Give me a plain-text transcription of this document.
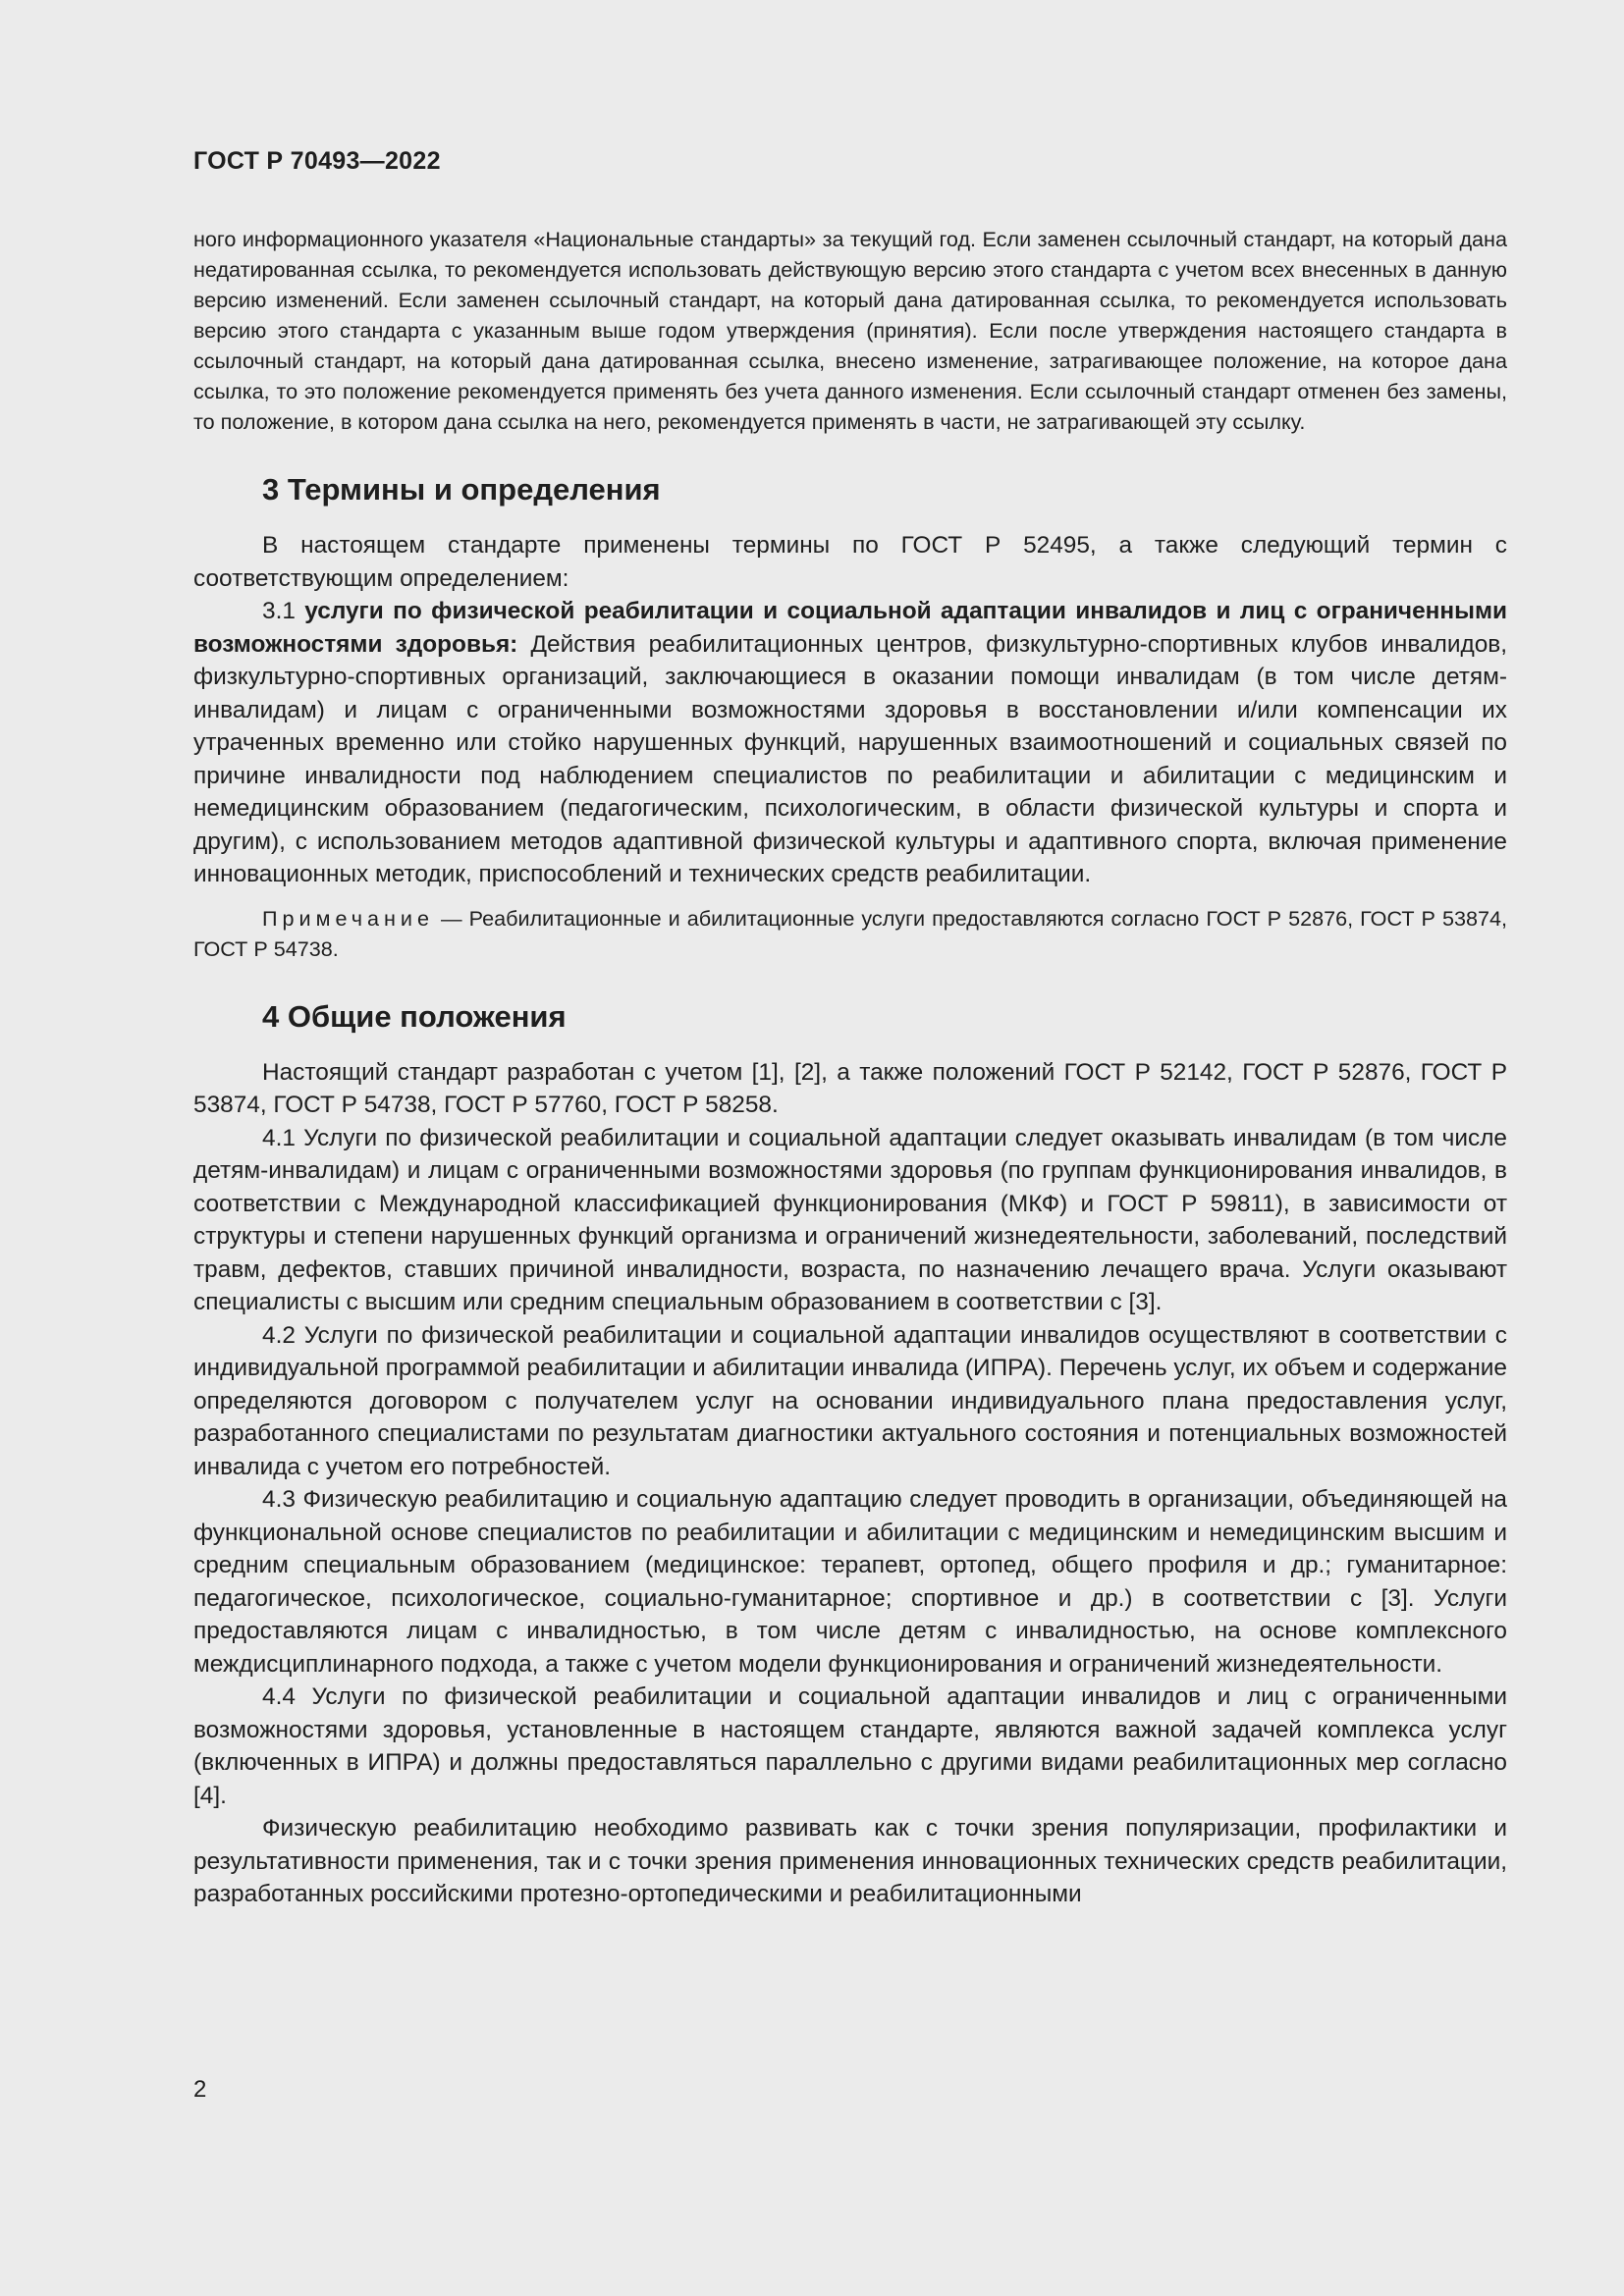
ГОСТ Р 70493—2022

ного информационного указателя «Национальные стандарты» за текущий год. Если заменен ссылочный стандарт, на который дана недатированная ссылка, то рекомендуется использовать действующую версию этого стандарта с учетом всех внесенных в данную версию изменений. Если заменен ссылочный стандарт, на который дана датированная ссылка, то рекомендуется использовать версию этого стандарта с указанным выше годом утверждения (принятия). Если после утверждения настоящего стандарта в ссылочный стандарт, на который дана датированная ссылка, внесено изменение, затрагивающее положение, на которое дана ссылка, то это положение рекомендуется применять без учета данного изменения. Если ссылочный стандарт отменен без замены, то положение, в котором дана ссылка на него, рекомендуется применять в части, не затрагивающей эту ссылку.

3 Термины и определения

В настоящем стандарте применены термины по ГОСТ Р 52495, а также следующий термин с соответствующим определением:

3.1 услуги по физической реабилитации и социальной адаптации инвалидов и лиц с ограниченными возможностями здоровья: Действия реабилитационных центров, физкультурно-спортивных клубов инвалидов, физкультурно-спортивных организаций, заключающиеся в оказании помощи инвалидам (в том числе детям-инвалидам) и лицам с ограниченными возможностями здоровья в восстановлении и/или компенсации их утраченных временно или стойко нарушенных функций, нарушенных взаимоотношений и социальных связей по причине инвалидности под наблюдением специалистов по реабилитации и абилитации с медицинским и немедицинским образованием (педагогическим, психологическим, в области физической культуры и спорта и другим), с использованием методов адаптивной физической культуры и адаптивного спорта, включая применение инновационных методик, приспособлений и технических средств реабилитации.

Примечание — Реабилитационные и абилитационные услуги предоставляются согласно ГОСТ Р 52876, ГОСТ Р 53874, ГОСТ Р 54738.

4 Общие положения

Настоящий стандарт разработан с учетом [1], [2], а также положений ГОСТ Р 52142, ГОСТ Р 52876, ГОСТ Р 53874, ГОСТ Р 54738, ГОСТ Р 57760, ГОСТ Р 58258.

4.1 Услуги по физической реабилитации и социальной адаптации следует оказывать инвалидам (в том числе детям-инвалидам) и лицам с ограниченными возможностями здоровья (по группам функционирования инвалидов, в соответствии с Международной классификацией функционирования (МКФ) и ГОСТ Р 59811), в зависимости от структуры и степени нарушенных функций организма и ограничений жизнедеятельности, заболеваний, последствий травм, дефектов, ставших причиной инвалидности, возраста, по назначению лечащего врача. Услуги оказывают специалисты с высшим или средним специальным образованием в соответствии с [3].

4.2 Услуги по физической реабилитации и социальной адаптации инвалидов осуществляют в соответствии с индивидуальной программой реабилитации и абилитации инвалида (ИПРА). Перечень услуг, их объем и содержание определяются договором с получателем услуг на основании индивидуального плана предоставления услуг, разработанного специалистами по результатам диагностики актуального состояния и потенциальных возможностей инвалида с учетом его потребностей.

4.3 Физическую реабилитацию и социальную адаптацию следует проводить в организации, объединяющей на функциональной основе специалистов по реабилитации и абилитации с медицинским и немедицинским высшим и средним специальным образованием (медицинское: терапевт, ортопед, общего профиля и др.; гуманитарное: педагогическое, психологическое, социально-гуманитарное; спортивное и др.) в соответствии с [3]. Услуги предоставляются лицам с инвалидностью, в том числе детям с инвалидностью, на основе комплексного междисциплинарного подхода, а также с учетом модели функционирования и ограничений жизнедеятельности.

4.4 Услуги по физической реабилитации и социальной адаптации инвалидов и лиц с ограниченными возможностями здоровья, установленные в настоящем стандарте, являются важной задачей комплекса услуг (включенных в ИПРА) и должны предоставляться параллельно с другими видами реабилитационных мер согласно [4].

Физическую реабилитацию необходимо развивать как с точки зрения популяризации, профилактики и результативности применения, так и с точки зрения применения инновационных технических средств реабилитации, разработанных российскими протезно-ортопедическими и реабилитационными

2
